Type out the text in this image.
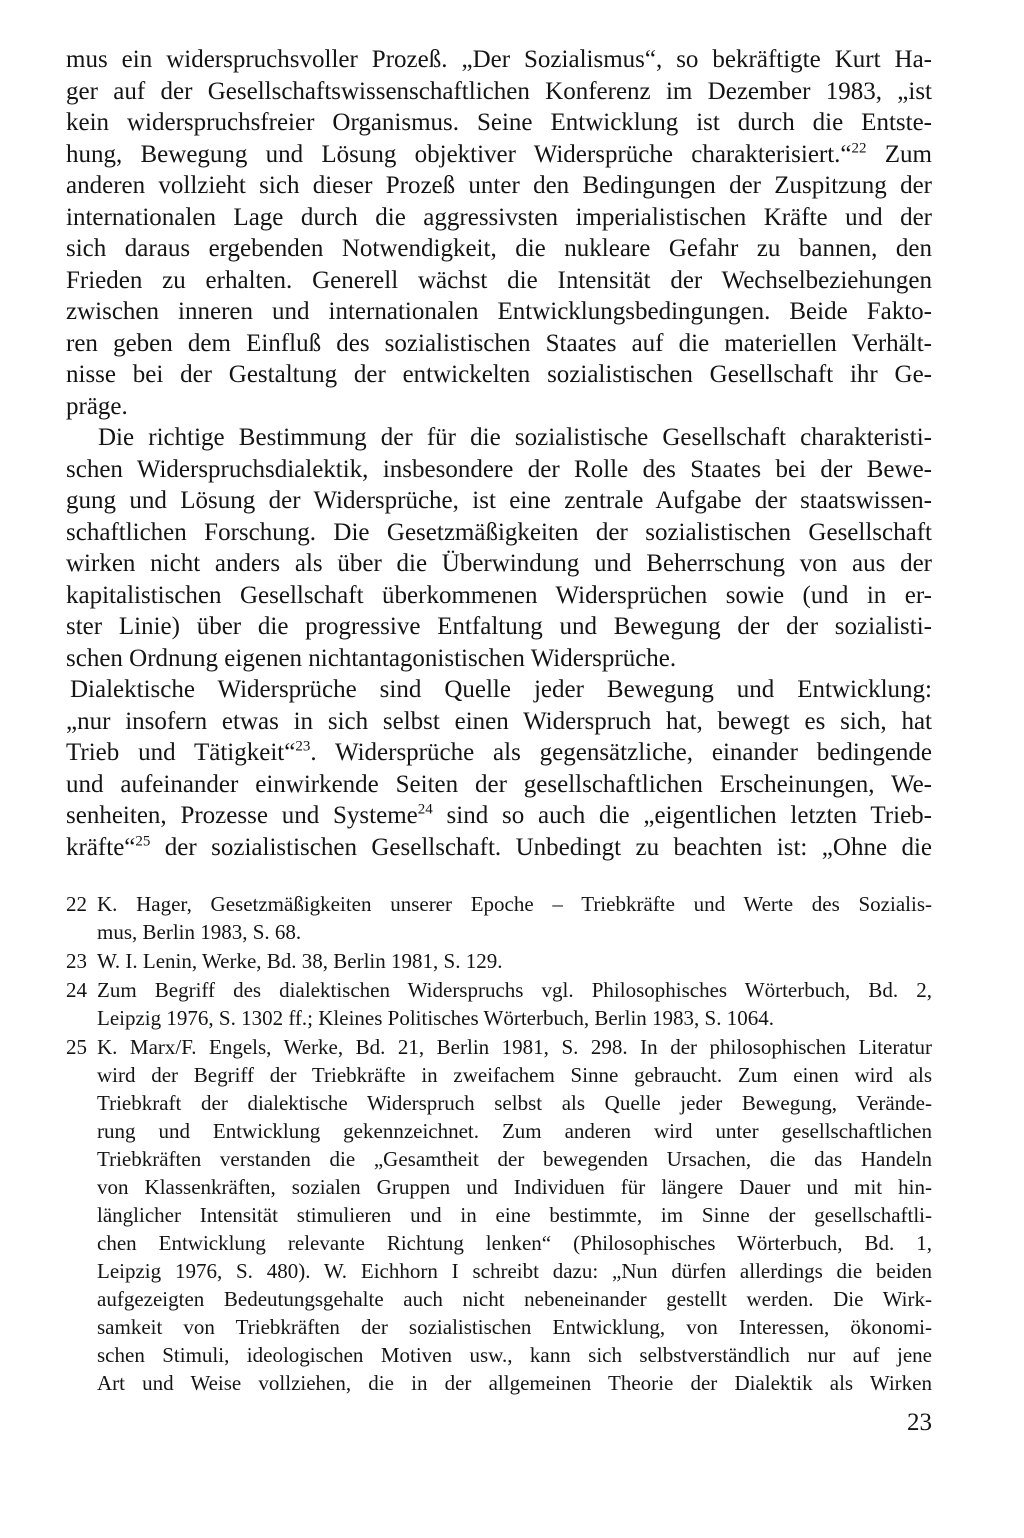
mus ein widerspruchsvoller Prozeß. „Der Sozialismus“, so bekräftigte Kurt Ha-
ger auf der Gesellschaftswissenschaftlichen Konferenz im Dezember 1983, „ist
kein widerspruchsfreier Organismus. Seine Entwicklung ist durch die Entste-
hung, Bewegung und Lösung objektiver Widersprüche charakterisiert.“$^{22}$ Zum
anderen vollzieht sich dieser Prozeß unter den Bedingungen der Zuspitzung der
internationalen Lage durch die aggressivsten imperialistischen Kräfte und der
sich daraus ergebenden Notwendigkeit, die nukleare Gefahr zu bannen, den
Frieden zu erhalten. Generell wächst die Intensität der Wechselbeziehungen
zwischen inneren und internationalen Entwicklungsbedingungen. Beide Fakto-
ren geben dem Einfluß des sozialistischen Staates auf die materiellen Verhält-
nisse bei der Gestaltung der entwickelten sozialistischen Gesellschaft ihr Ge-
präge.
Die richtige Bestimmung der für die sozialistische Gesellschaft charakteristi-
schen Widerspruchsdialektik, insbesondere der Rolle des Staates bei der Bewe-
gung und Lösung der Widersprüche, ist eine zentrale Aufgabe der staatswissen-
schaftlichen Forschung. Die Gesetzmäßigkeiten der sozialistischen Gesellschaft
wirken nicht anders als über die Überwindung und Beherrschung von aus der
kapitalistischen Gesellschaft überkommenen Widersprüchen sowie (und in er-
ster Linie) über die progressive Entfaltung und Bewegung der der sozialisti-
schen Ordnung eigenen nichtantagonistischen Widersprüche.
Dialektische Widersprüche sind Quelle jeder Bewegung und Entwicklung:
„nur insofern etwas in sich selbst einen Widerspruch hat, bewegt es sich, hat
Trieb und Tätigkeit“$^{23}$. Widersprüche als gegensätzliche, einander bedingende
und aufeinander einwirkende Seiten der gesellschaftlichen Erscheinungen, We-
senheiten, Prozesse und Systeme$^{24}$ sind so auch die „eigentlichen letzten Trieb-
kräfte“$^{25}$ der sozialistischen Gesellschaft. Unbedingt zu beachten ist: „Ohne die
22 K. Hager, Gesetzmäßigkeiten unserer Epoche – Triebkräfte und Werte des Sozialis-
mus, Berlin 1983, S. 68.
23 W. I. Lenin, Werke, Bd. 38, Berlin 1981, S. 129.
24 Zum Begriff des dialektischen Widerspruchs vgl. Philosophisches Wörterbuch, Bd. 2,
Leipzig 1976, S. 1302 ff.; Kleines Politisches Wörterbuch, Berlin 1983, S. 1064.
25 K. Marx/F. Engels, Werke, Bd. 21, Berlin 1981, S. 298. In der philosophischen Literatur
wird der Begriff der Triebkräfte in zweifachem Sinne gebraucht. Zum einen wird als
Triebkraft der dialektische Widerspruch selbst als Quelle jeder Bewegung, Verände-
rung und Entwicklung gekennzeichnet. Zum anderen wird unter gesellschaftlichen
Triebkräften verstanden die „Gesamtheit der bewegenden Ursachen, die das Handeln
von Klassenkräften, sozialen Gruppen und Individuen für längere Dauer und mit hin-
länglicher Intensität stimulieren und in eine bestimmte, im Sinne der gesellschaftli-
chen Entwicklung relevante Richtung lenken“ (Philosophisches Wörterbuch, Bd. 1,
Leipzig 1976, S. 480). W. Eichhorn I schreibt dazu: „Nun dürfen allerdings die beiden
aufgezeigten Bedeutungsgehalte auch nicht nebeneinander gestellt werden. Die Wirk-
samkeit von Triebkräften der sozialistischen Entwicklung, von Interessen, ökonomi-
schen Stimuli, ideologischen Motiven usw., kann sich selbstverständlich nur auf jene
Art und Weise vollziehen, die in der allgemeinen Theorie der Dialektik als Wirken
23
